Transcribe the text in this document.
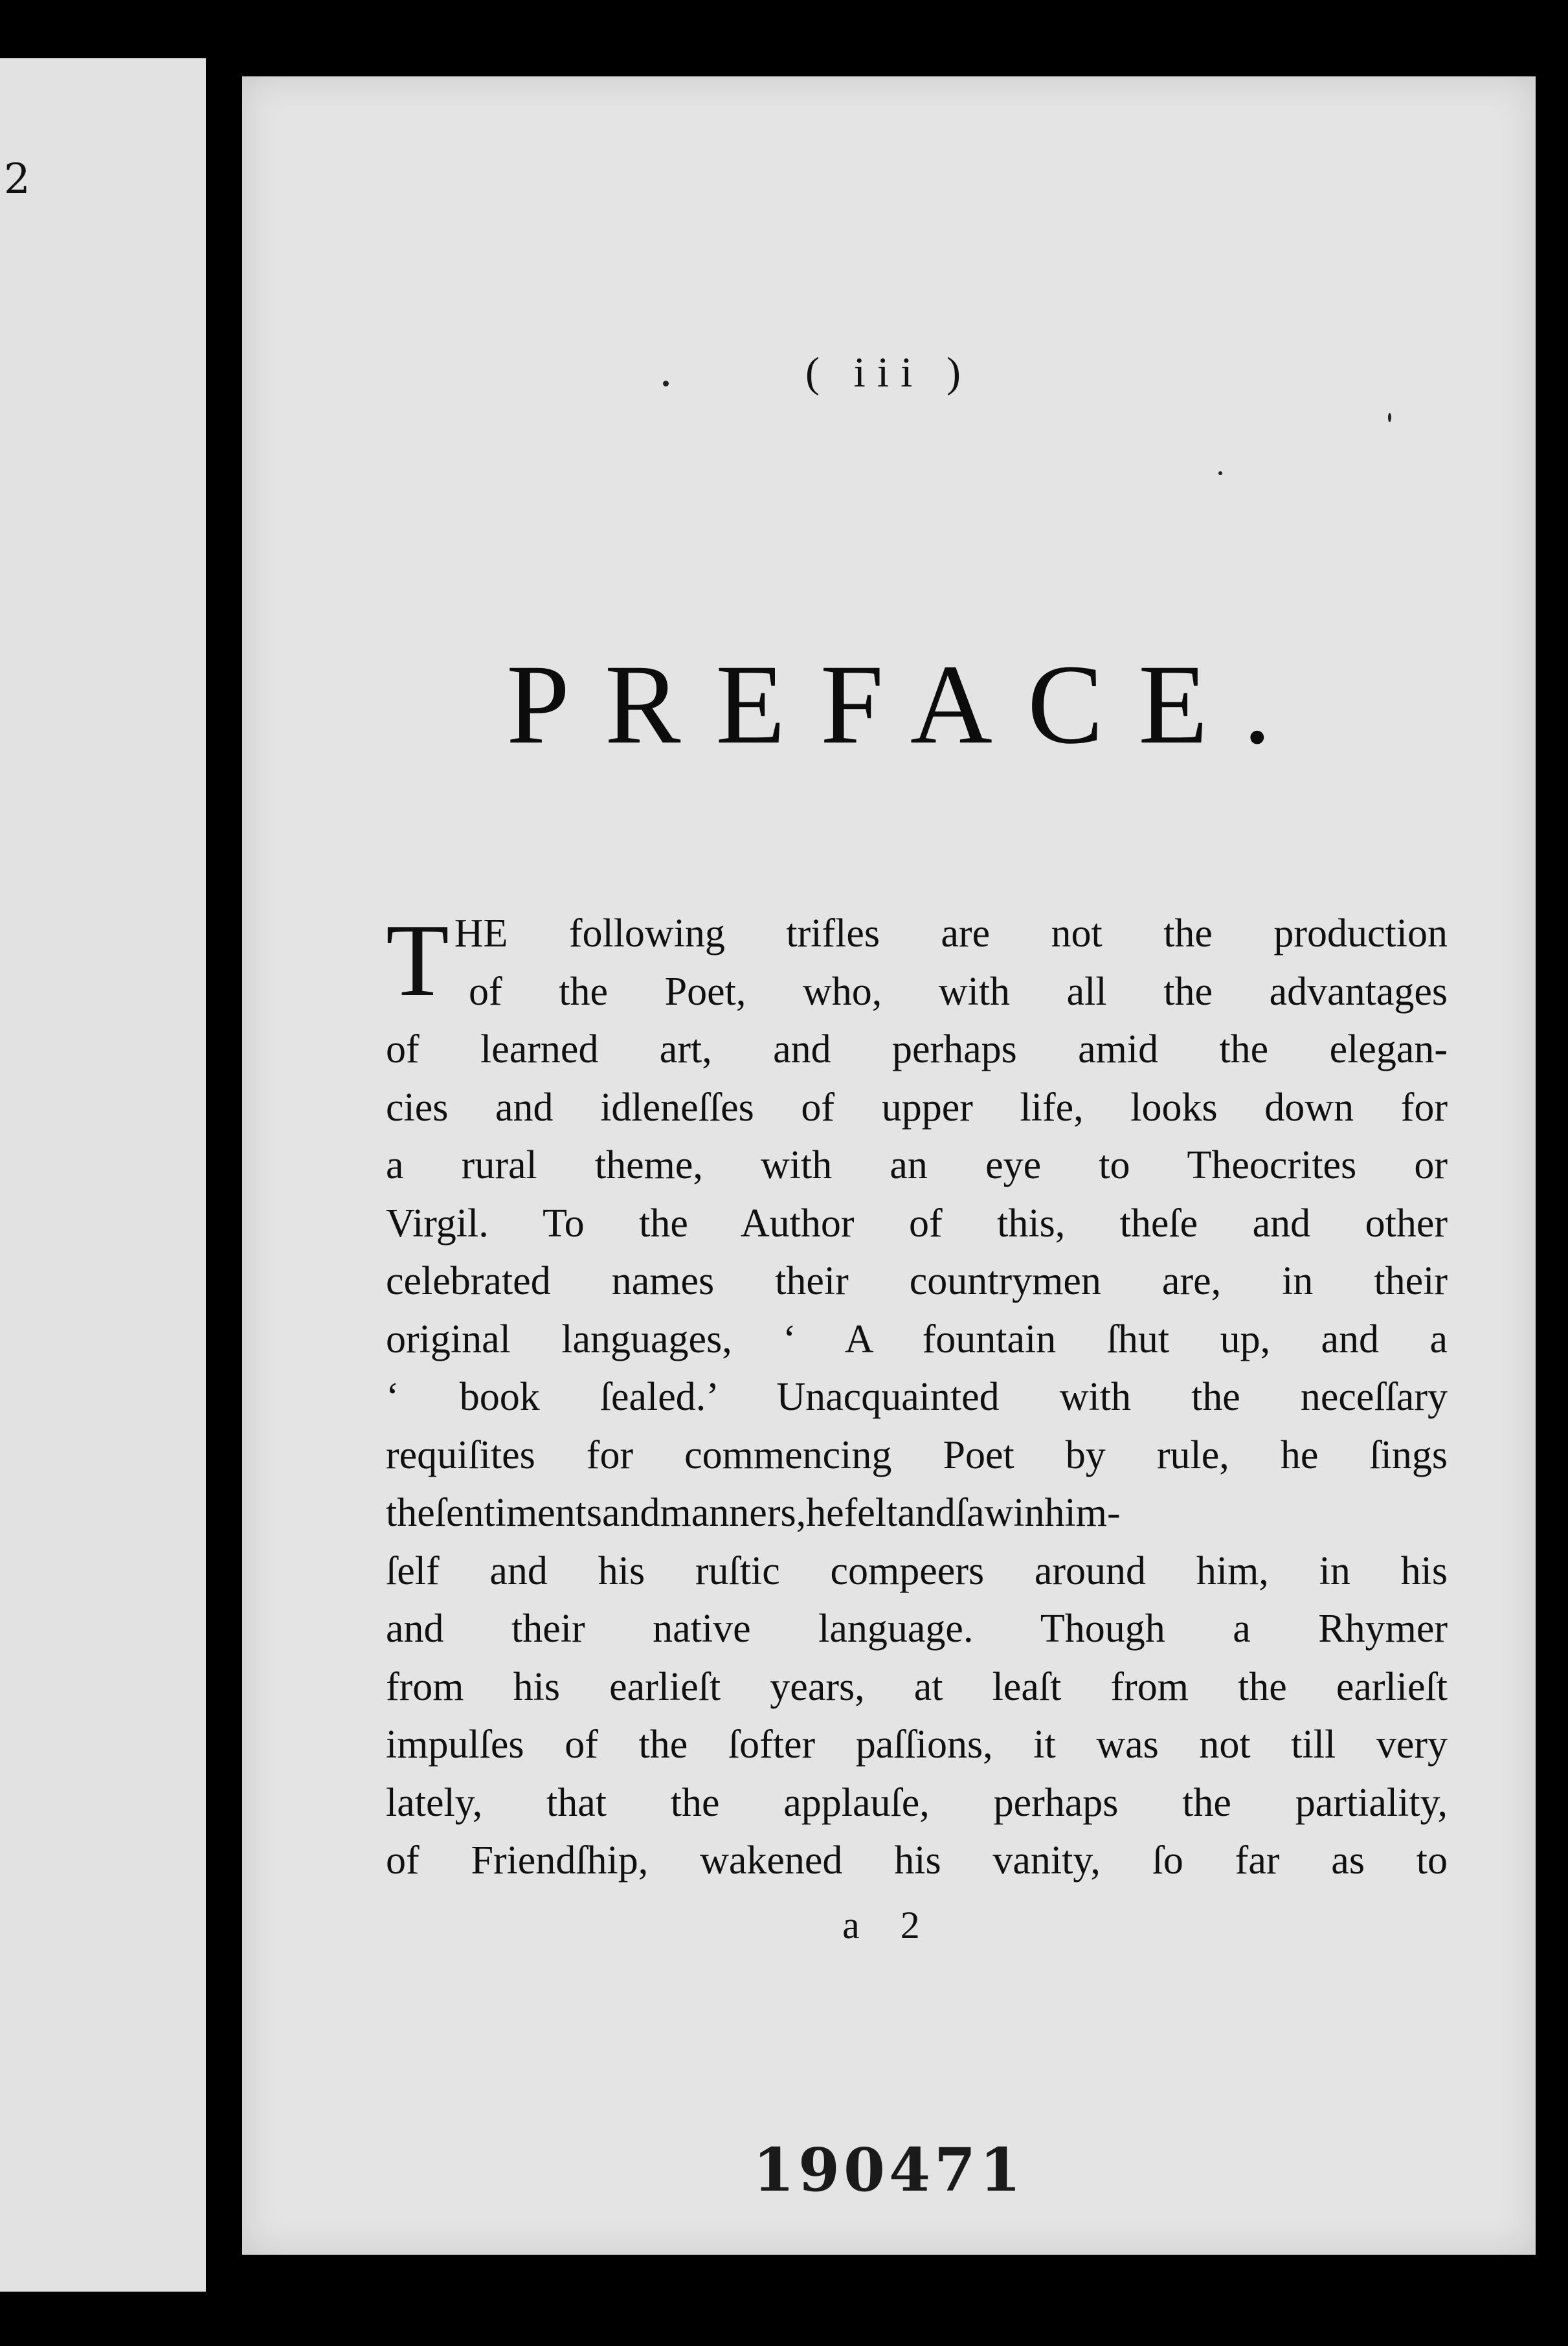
2
( iii )
PREFACE.
T HE following trifles are not the production
of the Poet, who, with all the advantages
of learned art, and perhaps amid the elegan-
cies and idleneſſes of upper life, looks down for
a rural theme, with an eye to Theocrites or
Virgil. To the Author of this, theſe and other
celebrated names their countrymen are, in their
original languages, ‘ A fountain ſhut up, and a
‘ book ſealed.’ Unacquainted with the neceſſary
requiſites for commencing Poet by rule, he ſings
theſentimentsandmanners,hefeltandſawinhim-
ſelf and his ruſtic compeers around him, in his
and their native language. Though a Rhymer
from his earlieſt years, at leaſt from the earlieſt
impulſes of the ſofter paſſions, it was not till very
lately, that the applauſe, perhaps the partiality,
of Friendſhip, wakened his vanity, ſo far as to
a 2
190471
